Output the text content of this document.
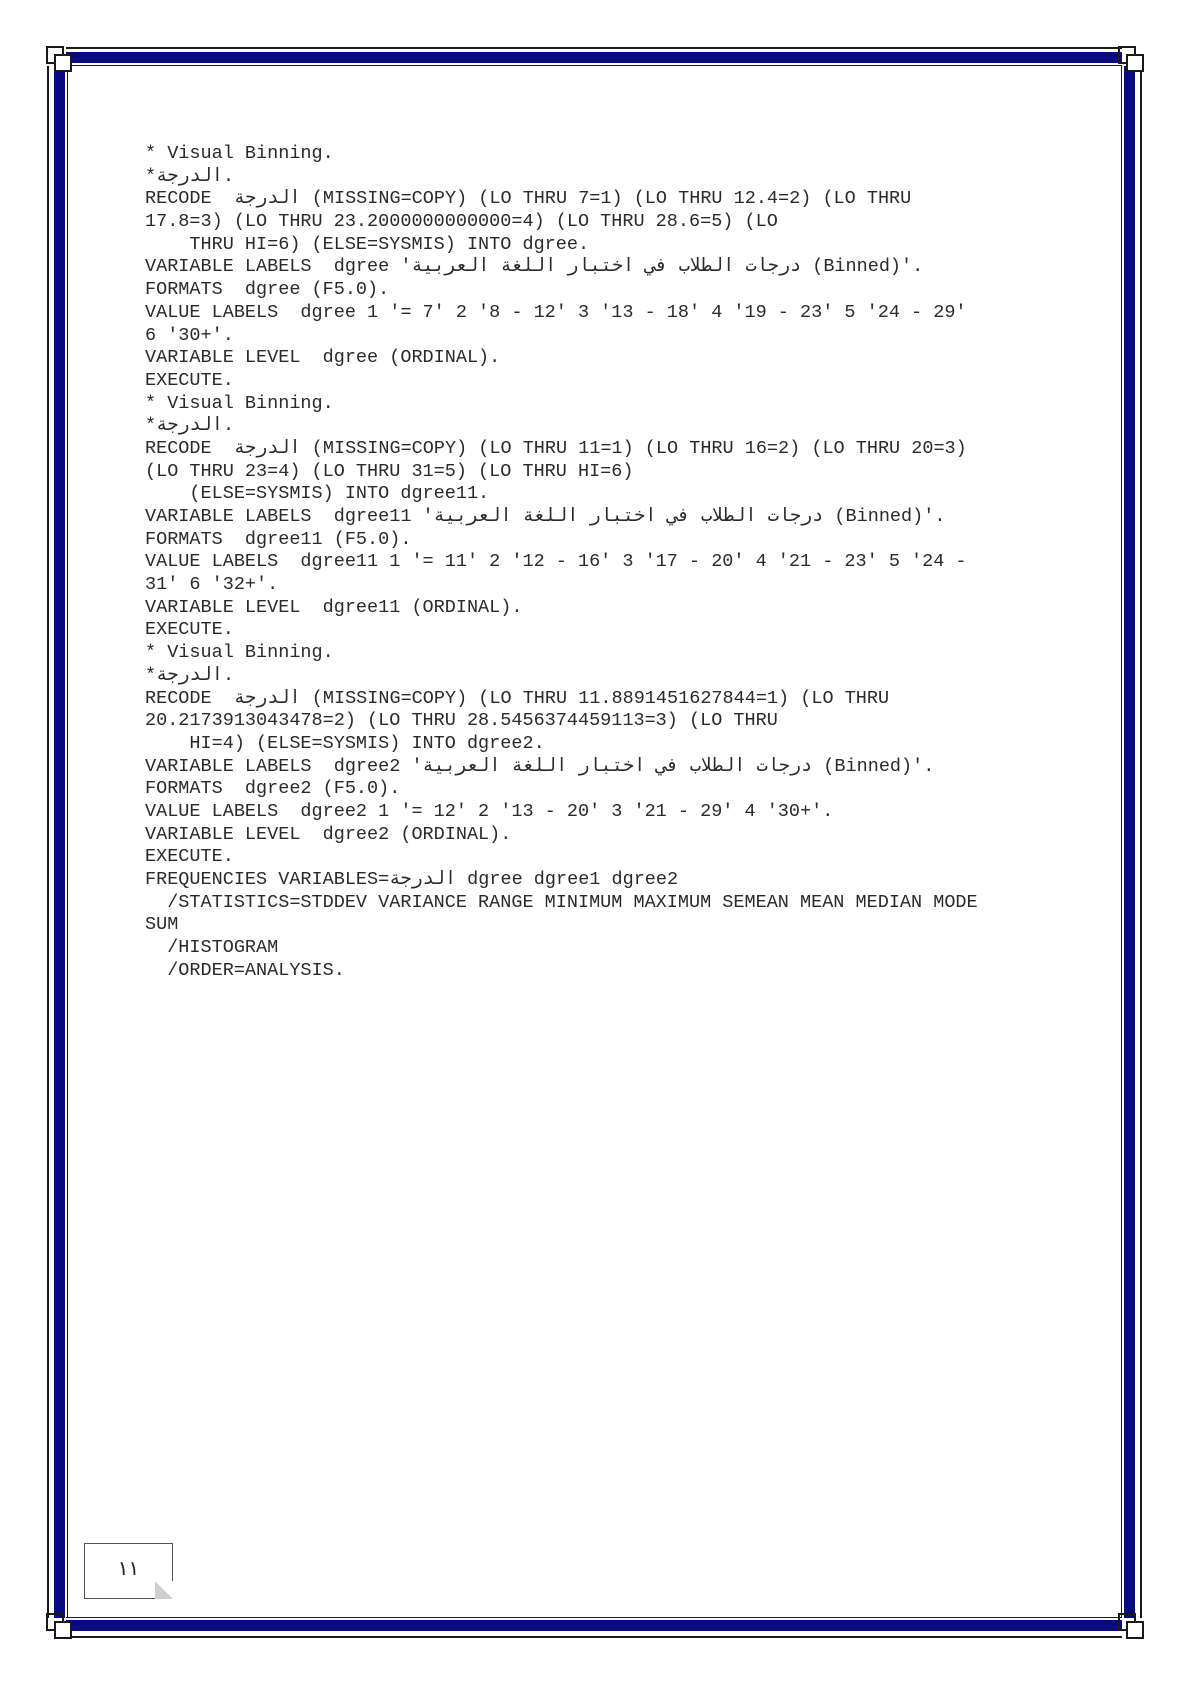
* Visual Binning.
*الدرجة.
RECODE  الدرجة (MISSING=COPY) (LO THRU 7=1) (LO THRU 12.4=2) (LO THRU
17.8=3) (LO THRU 23.2000000000000=4) (LO THRU 28.6=5) (LO
THRU HI=6) (ELSE=SYSMIS) INTO dgree.
VARIABLE LABELS  dgree 'درجات الطلاب في اختبار اللغة العربية (Binned)'.
FORMATS  dgree (F5.0).
VALUE LABELS  dgree 1 '= 7' 2 '8 - 12' 3 '13 - 18' 4 '19 - 23' 5 '24 - 29'
6 '30+'.
VARIABLE LEVEL  dgree (ORDINAL).
EXECUTE.
* Visual Binning.
*الدرجة.
RECODE  الدرجة (MISSING=COPY) (LO THRU 11=1) (LO THRU 16=2) (LO THRU 20=3)
(LO THRU 23=4) (LO THRU 31=5) (LO THRU HI=6)
(ELSE=SYSMIS) INTO dgree11.
VARIABLE LABELS  dgree11 'درجات الطلاب في اختبار اللغة العربية (Binned)'.
FORMATS  dgree11 (F5.0).
VALUE LABELS  dgree11 1 '= 11' 2 '12 - 16' 3 '17 - 20' 4 '21 - 23' 5 '24 -
31' 6 '32+'.
VARIABLE LEVEL  dgree11 (ORDINAL).
EXECUTE.
* Visual Binning.
*الدرجة.
RECODE  الدرجة (MISSING=COPY) (LO THRU 11.8891451627844=1) (LO THRU
20.2173913043478=2) (LO THRU 28.5456374459113=3) (LO THRU
HI=4) (ELSE=SYSMIS) INTO dgree2.
VARIABLE LABELS  dgree2 'درجات الطلاب في اختبار اللغة العربية (Binned)'.
FORMATS  dgree2 (F5.0).
VALUE LABELS  dgree2 1 '= 12' 2 '13 - 20' 3 '21 - 29' 4 '30+'.
VARIABLE LEVEL  dgree2 (ORDINAL).
EXECUTE.
FREQUENCIES VARIABLES=الدرجة dgree dgree1 dgree2
/STATISTICS=STDDEV VARIANCE RANGE MINIMUM MAXIMUM SEMEAN MEAN MEDIAN MODE
SUM
/HISTOGRAM
/ORDER=ANALYSIS.
١١
